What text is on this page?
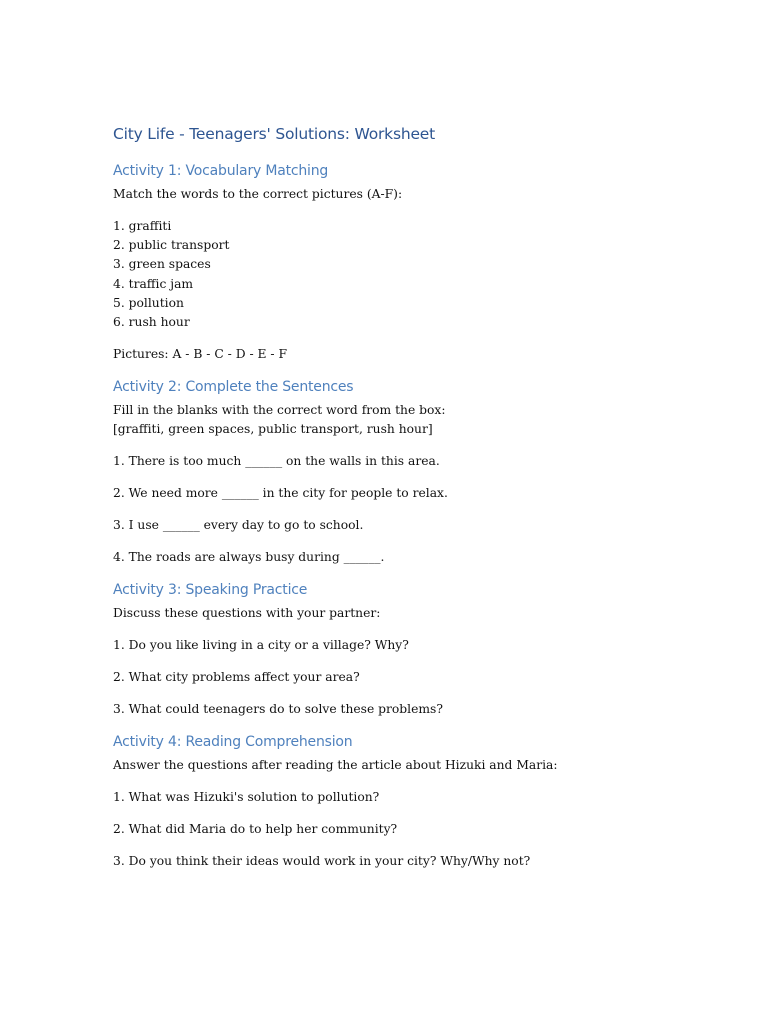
City Life - Teenagers' Solutions: Worksheet
Activity 1: Vocabulary Matching

Match the words to the correct pictures (A-F):

1. graffiti

2. public transport

3. green spaces

4. traffic jam

5. pollution

6. rush hour

Pictures: A - B - C - D - E - F

Activity 2: Complete the Sentences

Fill in the blanks with the correct word from the box:

[graffiti, green spaces, public transport, rush hour]

1. There is too much ______ on the walls in this area.

2. We need more ______ in the city for people to relax.

3. I use ______ every day to go to school.

4. The roads are always busy during ______.

Activity 3: Speaking Practice

Discuss these questions with your partner:

1. Do you like living in a city or a village? Why?

2. What city problems affect your area?

3. What could teenagers do to solve these problems?

Activity 4: Reading Comprehension

Answer the questions after reading the article about Hizuki and Maria:

1. What was Hizuki's solution to pollution?

2. What did Maria do to help her community?

3. Do you think their ideas would work in your city? Why/Why not?
